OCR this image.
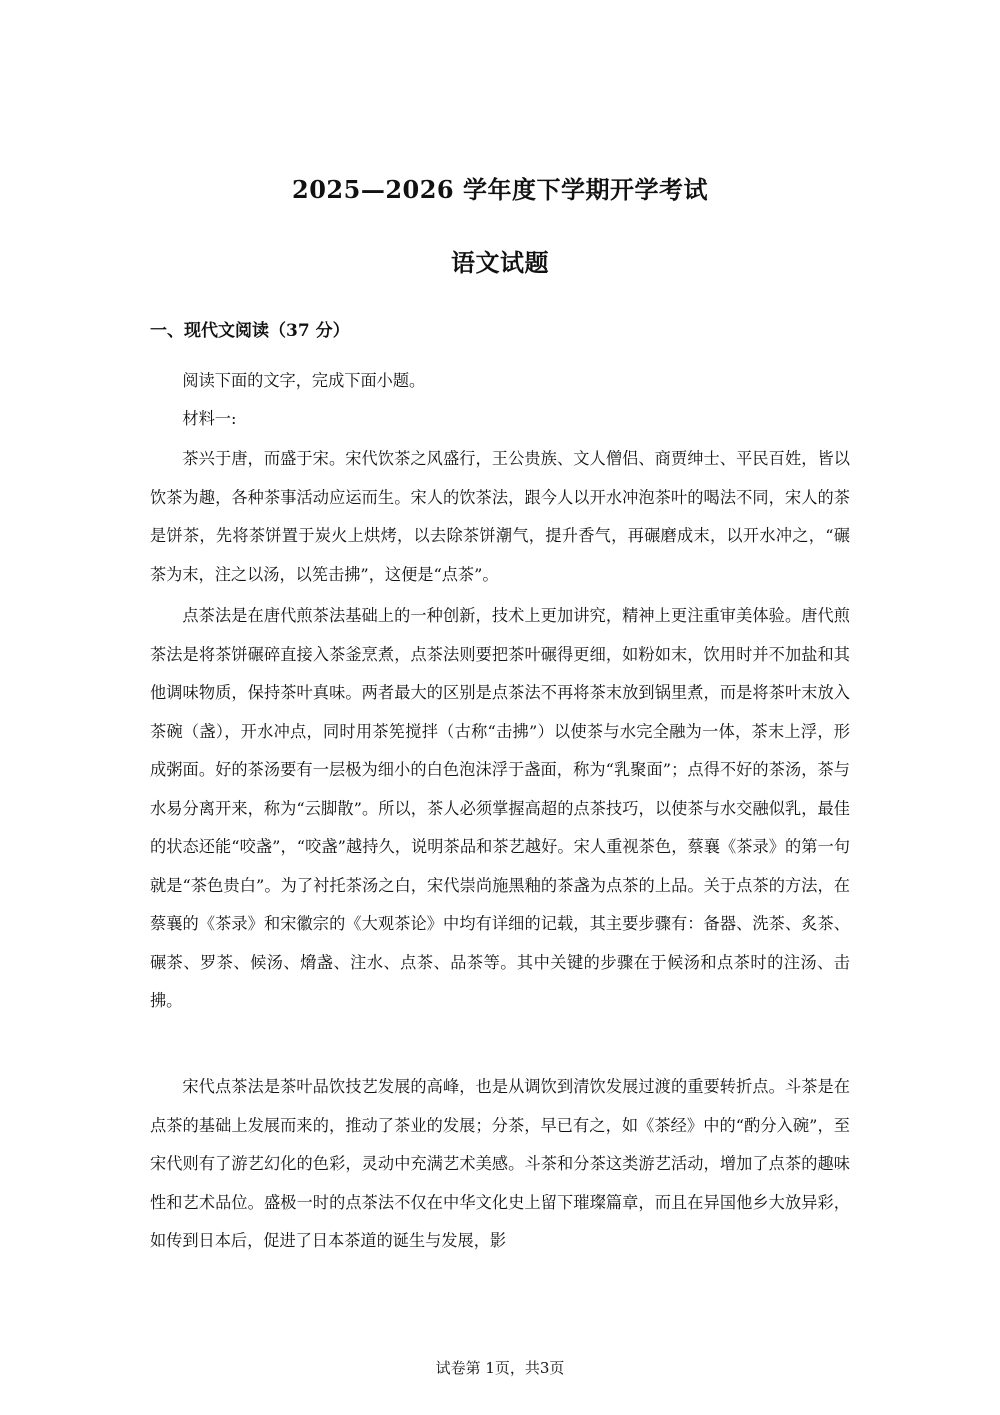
2025—2026 学年度下学期开学考试
语文试题
一、现代文阅读（37 分）
阅读下面的文字，完成下面小题。
材料一:
茶兴于唐，而盛于宋。宋代饮茶之风盛行，王公贵族、文人僧侣、商贾绅士、平民百姓，皆以饮茶为趣，各种茶事活动应运而生。宋人的饮茶法，跟今人以开水冲泡茶叶的喝法不同，宋人的茶是饼茶，先将茶饼置于炭火上烘烤，以去除茶饼潮气，提升香气，再碾磨成末，以开水冲之，“碾茶为末，注之以汤，以筅击拂”，这便是“点茶”。
点茶法是在唐代煎茶法基础上的一种创新，技术上更加讲究，精神上更注重审美体验。唐代煎茶法是将茶饼碾碎直接入茶釜烹煮，点茶法则要把茶叶碾得更细，如粉如末，饮用时并不加盐和其他调味物质，保持茶叶真味。两者最大的区别是点茶法不再将茶末放到锅里煮，而是将茶叶末放入茶碗（盏），开水冲点，同时用茶筅搅拌（古称“击拂”）以使茶与水完全融为一体，茶末上浮，形成粥面。好的茶汤要有一层极为细小的白色泡沫浮于盏面，称为“乳聚面”；点得不好的茶汤，茶与水易分离开来，称为“云脚散”。所以，茶人必须掌握高超的点茶技巧，以使茶与水交融似乳，最佳的状态还能“咬盏”，“咬盏”越持久，说明茶品和茶艺越好。宋人重视茶色，蔡襄《茶录》的第一句就是“茶色贵白”。为了衬托茶汤之白，宋代崇尚施黑釉的茶盏为点茶的上品。关于点茶的方法，在蔡襄的《茶录》和宋徽宗的《大观茶论》中均有详细的记载，其主要步骤有：备器、洗茶、炙茶、碾茶、罗茶、候汤、熁盏、注水、点茶、品茶等。其中关键的步骤在于候汤和点茶时的注汤、击拂。
宋代点茶法是茶叶品饮技艺发展的高峰，也是从调饮到清饮发展过渡的重要转折点。斗茶是在点茶的基础上发展而来的，推动了茶业的发展；分茶，早已有之，如《茶经》中的“酌分入碗”，至宋代则有了游艺幻化的色彩，灵动中充满艺术美感。斗茶和分茶这类游艺活动，增加了点茶的趣味性和艺术品位。盛极一时的点茶法不仅在中华文化史上留下璀璨篇章，而且在异国他乡大放异彩，如传到日本后，促进了日本茶道的诞生与发展，影
试卷第 1页，共3页
